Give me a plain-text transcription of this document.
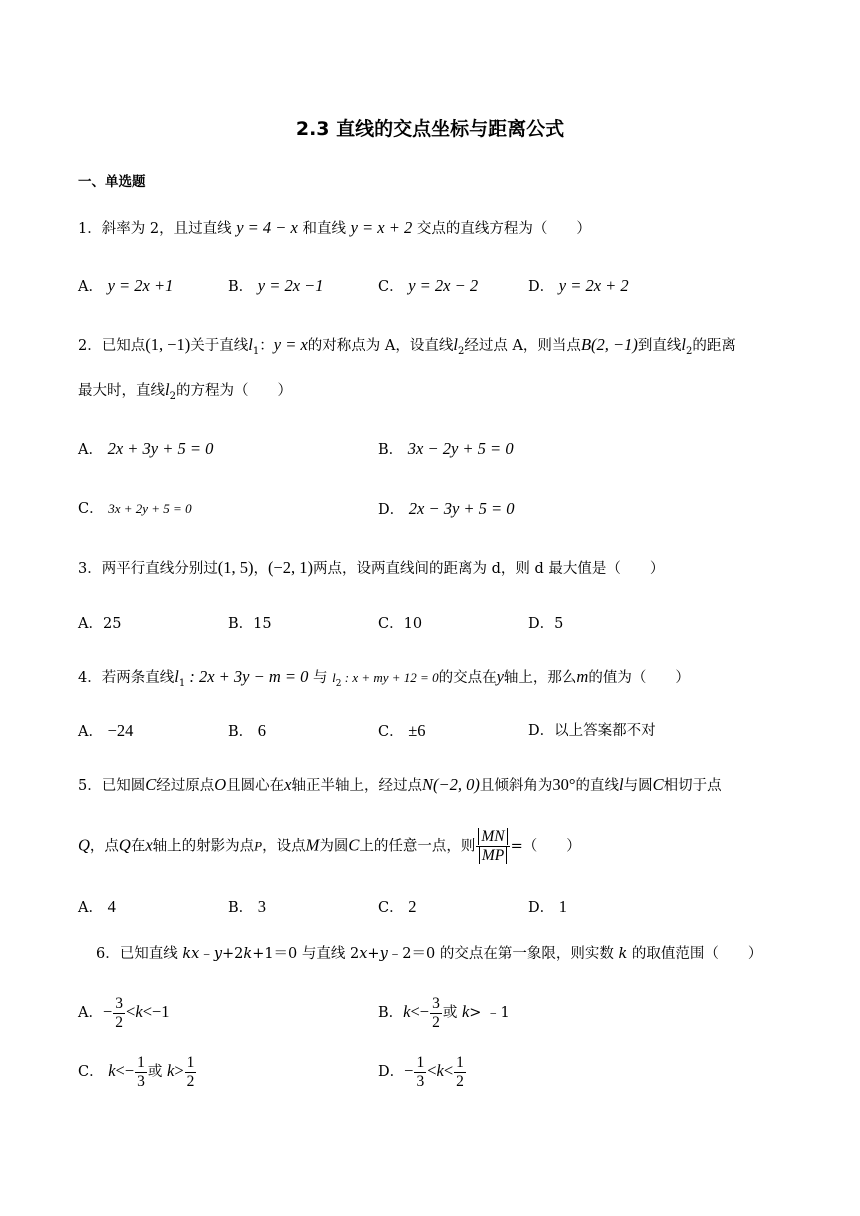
2.3 直线的交点坐标与距离公式
一、单选题
1．斜率为 2，且过直线 y = 4 − x 和直线 y = x + 2 交点的直线方程为（　　）
A． y = 2x +1	B． y = 2x −1	C． y = 2x − 2	D． y = 2x + 2
2．已知点(1, −1)关于直线$l_1$：y = x的对称点为 A，设直线$l_2$经过点 A，则当点B(2, −1)到直线$l_2$的距离
最大时，直线$l_2$的方程为（　　）
A． 2x + 3y + 5 = 0	B． 3x − 2y + 5 = 0
C． 3x + 2y + 5 = 0	D． 2x − 3y + 5 = 0
3．两平行直线分别过(1, 5)，(−2, 1)两点，设两直线间的距离为 d，则 d 最大值是（　　）
A．25	B．15	C．10	D．5
4．若两条直线$l_1$ : 2x + 3y − m = 0 与 $l_2$ : x + my + 12 = 0的交点在y轴上，那么m的值为（　　）
A． −24	B． 6	C． ±6	D．以上答案都不对
5．已知圆C经过原点O且圆心在x轴正半轴上，经过点N(−2, 0)且倾斜角为30°的直线l与圆C相切于点
Q，点Q在x轴上的射影为点P，设点M为圆C上的任意一点，则 $\frac{MN}{MP}$ =（　　）
A． 4	B． 3	C． 2	D． 1
6．已知直线 kx﹣y+2k+1＝0 与直线 2x+y﹣2＝0 的交点在第一象限，则实数 k 的取值范围（　　）
A．− $\frac{3}{2} <k<-1$	B．$k<- \frac{3}{2}$ 或 k> ﹣1
C． $k<- \frac{1}{3}$ 或 $k> \frac{1}{2}$	D．− $\frac{1}{3} <k< \frac{1}{2}$
